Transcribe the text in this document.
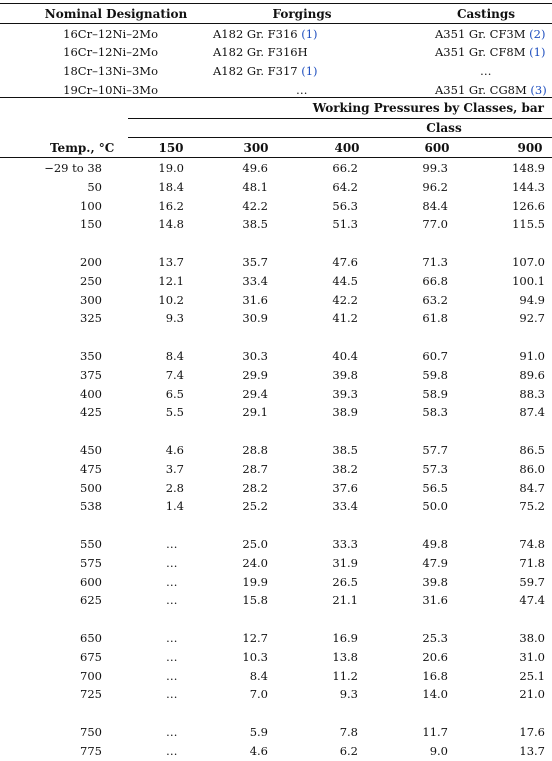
Nominal Designation	Forgings	Castings
16Cr–12Ni–2Mo	A182 Gr. F316 (1)	A351 Gr. CF3M (2)
16Cr–12Ni–2Mo	A182 Gr. F316H	A351 Gr. CF8M (1)
18Cr–13Ni–3Mo	A182 Gr. F317 (1)	…
19Cr–10Ni–3Mo	…	A351 Gr. CG8M (3)
Working Pressures by Classes, bar
Class
Temp., °C	150	300	400	600	900
−29 to 38	19.0	49.6	66.2	99.3	148.9
50	18.4	48.1	64.2	96.2	144.3
100	16.2	42.2	56.3	84.4	126.6
150	14.8	38.5	51.3	77.0	115.5
200	13.7	35.7	47.6	71.3	107.0
250	12.1	33.4	44.5	66.8	100.1
300	10.2	31.6	42.2	63.2	94.9
325	9.3	30.9	41.2	61.8	92.7
350	8.4	30.3	40.4	60.7	91.0
375	7.4	29.9	39.8	59.8	89.6
400	6.5	29.4	39.3	58.9	88.3
425	5.5	29.1	38.9	58.3	87.4
450	4.6	28.8	38.5	57.7	86.5
475	3.7	28.7	38.2	57.3	86.0
500	2.8	28.2	37.6	56.5	84.7
538	1.4	25.2	33.4	50.0	75.2
550	…	25.0	33.3	49.8	74.8
575	…	24.0	31.9	47.9	71.8
600	…	19.9	26.5	39.8	59.7
625	…	15.8	21.1	31.6	47.4
650	…	12.7	16.9	25.3	38.0
675	…	10.3	13.8	20.6	31.0
700	…	8.4	11.2	16.8	25.1
725	…	7.0	9.3	14.0	21.0
750	…	5.9	7.8	11.7	17.6
775	…	4.6	6.2	9.0	13.7
